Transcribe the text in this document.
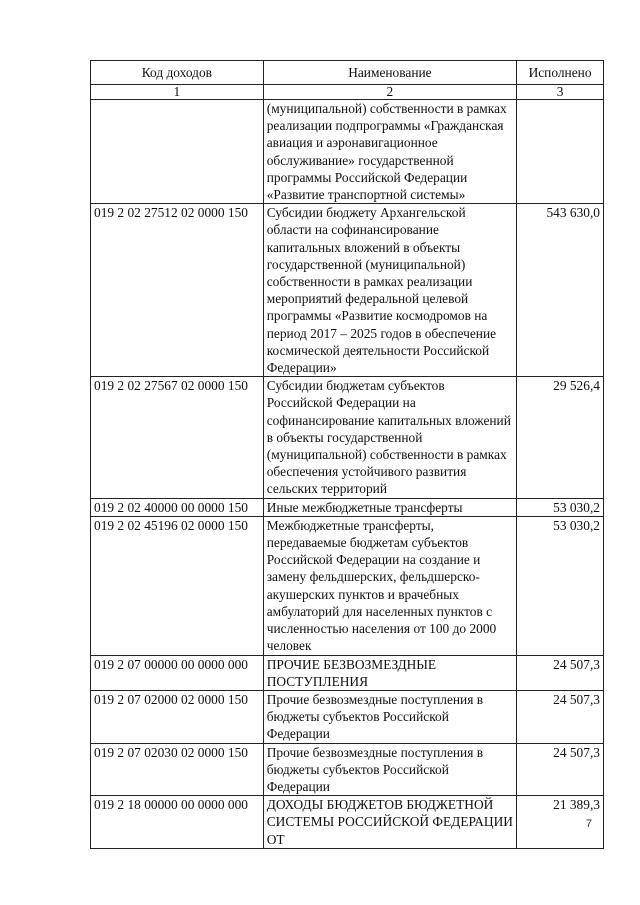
Код доходов	Наименование	Исполнено
1	2	3
	(муниципальной) собственности в рамках реализации подпрограммы «Гражданская авиация и аэронавигационное обслуживание» государственной программы Российской Федерации «Развитие транспортной системы»	
019 2 02 27512 02 0000 150	Субсидии бюджету Архангельской области на софинансирование капитальных вложений в объекты государственной (муниципальной) собственности в рамках реализации мероприятий федеральной целевой программы «Развитие космодромов на период 2017 – 2025 годов в обеспечение космической деятельности Российской Федерации»	543 630,0
019 2 02 27567 02 0000 150	Субсидии бюджетам субъектов Российской Федерации на софинансирование капитальных вложений в объекты государственной (муниципальной) собственности в рамках обеспечения устойчивого развития сельских территорий	29 526,4
019 2 02 40000 00 0000 150	Иные межбюджетные трансферты	53 030,2
019 2 02 45196 02 0000 150	Межбюджетные трансферты, передаваемые бюджетам субъектов Российской Федерации на создание и замену фельдшерских, фельдшерско-акушерских пунктов и врачебных амбулаторий для населенных пунктов с численностью населения от 100 до 2000 человек	53 030,2
019 2 07 00000 00 0000 000	ПРОЧИЕ БЕЗВОЗМЕЗДНЫЕ ПОСТУПЛЕНИЯ	24 507,3
019 2 07 02000 02 0000 150	Прочие безвозмездные поступления в бюджеты субъектов Российской Федерации	24 507,3
019 2 07 02030 02 0000 150	Прочие безвозмездные поступления в бюджеты субъектов Российской Федерации	24 507,3
019 2 18 00000 00 0000 000	ДОХОДЫ БЮДЖЕТОВ БЮДЖЕТНОЙ СИСТЕМЫ РОССИЙСКОЙ ФЕДЕРАЦИИ ОТ	21 389,3
7
